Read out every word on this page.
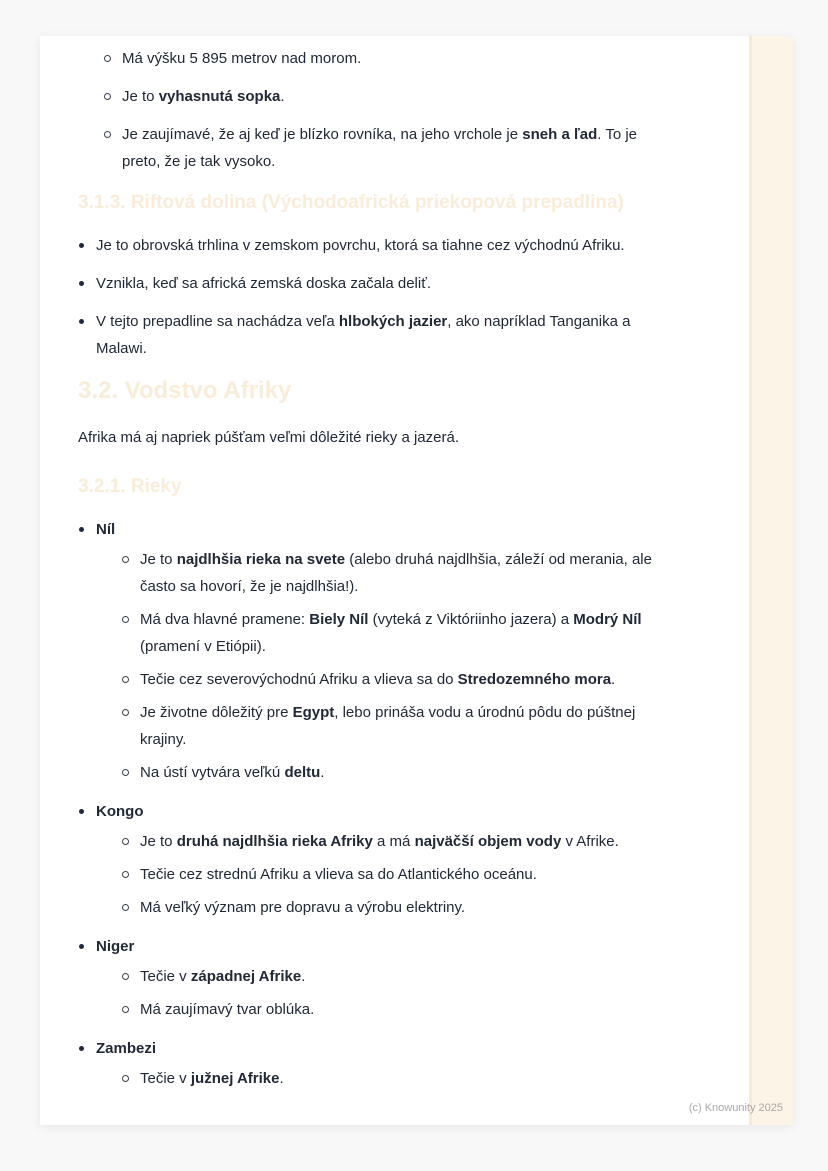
Má výšku 5 895 metrov nad morom.
Je to vyhasnutá sopka.
Je zaujímavé, že aj keď je blízko rovníka, na jeho vrchole je sneh a ľad. To je preto, že je tak vysoko.
3.1.3. Riftová dolina (Východoafrická priekopová prepadlina)
Je to obrovská trhlina v zemskom povrchu, ktorá sa tiahne cez východnú Afriku.
Vznikla, keď sa africká zemská doska začala deliť.
V tejto prepadline sa nachádza veľa hlbokých jazier, ako napríklad Tanganika a Malawi.
3.2. Vodstvo Afriky

Afrika má aj napriek púšťam veľmi dôležité rieky a jazerá.

3.2.1. Rieky
Níl
Je to najdlhšia rieka na svete (alebo druhá najdlhšia, záleží od merania, ale často sa hovorí, že je najdlhšia!).
Má dva hlavné pramene: Biely Níl (vyteká z Viktóriinho jazera) a Modrý Níl (pramení v Etiópii).
Tečie cez severovýchodnú Afriku a vlieva sa do Stredozemného mora.
Je životne dôležitý pre Egypt, lebo prináša vodu a úrodnú pôdu do púštnej krajiny.
Na ústí vytvára veľkú deltu.
Kongo
Je to druhá najdlhšia rieka Afriky a má najväčší objem vody v Afrike.
Tečie cez strednú Afriku a vlieva sa do Atlantického oceánu.
Má veľký význam pre dopravu a výrobu elektriny.
Niger
Tečie v západnej Afrike.
Má zaujímavý tvar oblúka.
Zambezi
Tečie v južnej Afrike.
(c) Knowunity 2025
